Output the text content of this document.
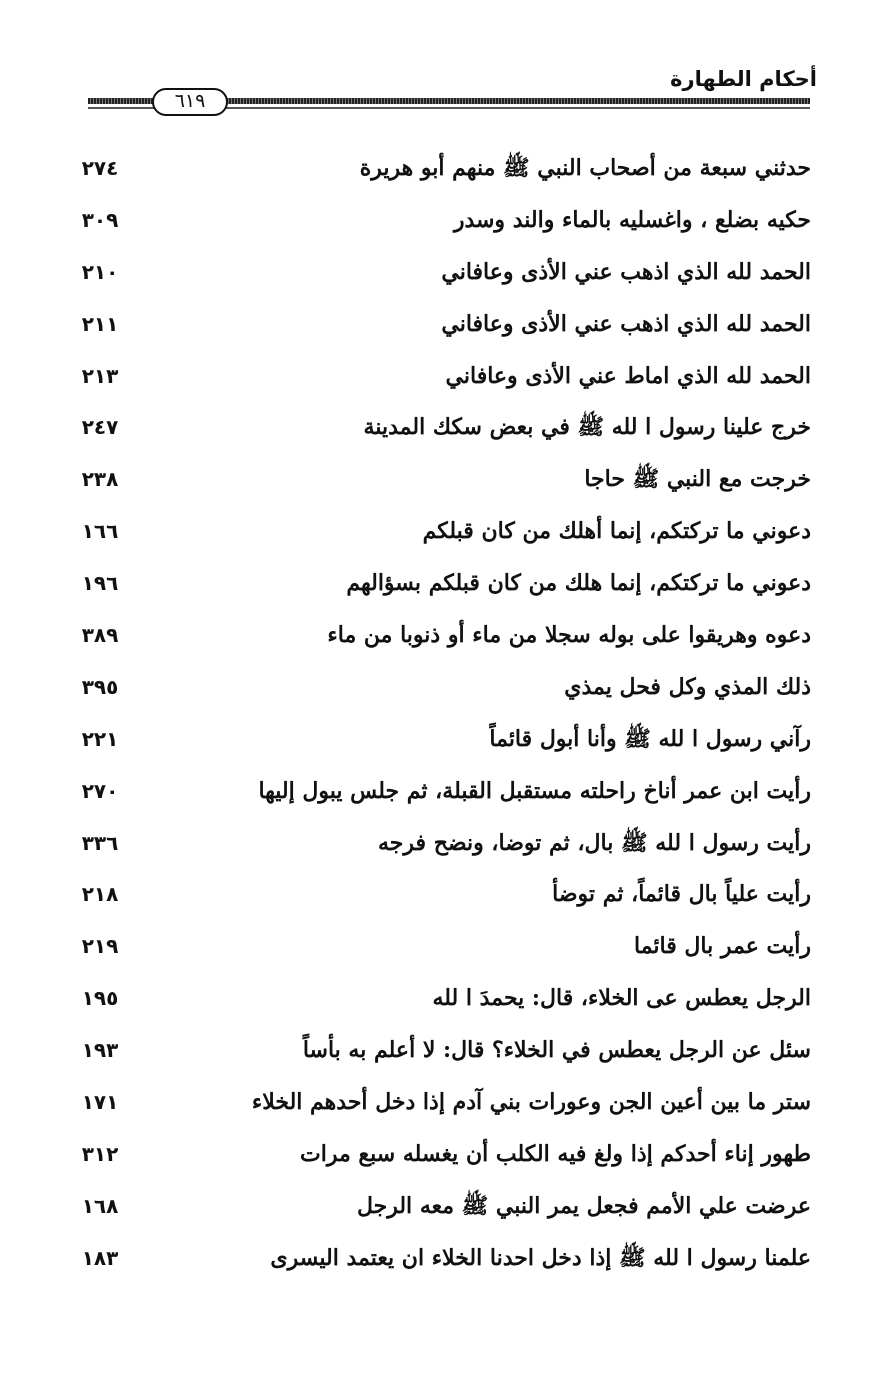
أحكام الطهارة
٦١٩
حدثني سبعة من أصحاب النبي ﷺ منهم أبو هريرة
٢٧٤
حكيه بضلع ، واغسليه بالماء والند وسدر
٣٠٩
الحمد لله الذي اذهب عني الأذى وعافاني
٢١٠
الحمد لله الذي اذهب عني الأذى وعافاني
٢١١
الحمد لله الذي اماط عني الأذى وعافاني
٢١٣
خرج علينا رسول ا لله ﷺ في بعض سكك المدينة
٢٤٧
خرجت مع النبي ﷺ حاجا
٢٣٨
دعوني ما تركتكم، إنما أهلك من كان قبلكم
١٦٦
دعوني ما تركتكم، إنما هلك من كان قبلكم بسؤالهم
١٩٦
دعوه وهريقوا على بوله سجلا من ماء أو ذنوبا من ماء
٣٨٩
ذلك المذي وكل فحل يمذي
٣٩٥
رآني رسول ا لله ﷺ وأنا أبول قائماً
٢٢١
رأيت ابن عمر أناخ راحلته مستقبل القبلة، ثم جلس يبول إليها
٢٧٠
رأيت رسول ا لله ﷺ بال، ثم توضا، ونضح فرجه
٣٣٦
رأيت علياً بال قائماً، ثم توضأ
٢١٨
رأيت عمر بال قائما
٢١٩
الرجل يعطس عى الخلاء، قال: يحمدَ ا لله
١٩٥
سئل عن الرجل يعطس في الخلاء؟ قال: لا أعلم به بأساً
١٩٣
ستر ما بين أعين الجن وعورات بني آدم إذا دخل أحدهم الخلاء
١٧١
طهور إناء أحدكم إذا ولغ فيه الكلب أن يغسله سبع مرات
٣١٢
عرضت علي الأمم فجعل يمر النبي ﷺ معه الرجل
١٦٨
علمنا رسول ا لله ﷺ إذا دخل احدنا الخلاء ان يعتمد اليسرى
١٨٣
